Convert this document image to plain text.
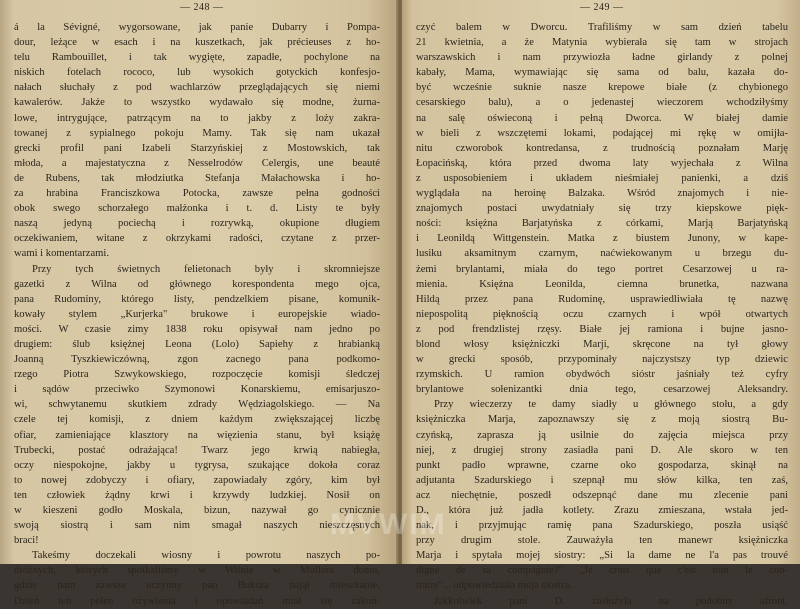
— 248 —
á la Sévigné, wygorsowane, jak panie Dubarry i Pompa-
dour, leżące w esach i na kuszetkach, jak précieuses z ho-
telu Rambouillet, i tak wygięte, zapadłe, pochylone na
niskich fotelach rococo, lub wysokich gotyckich konfesjo-
nałach słuchały z pod wachlarzów przeglądających się niemi
kawalerów. Jakże to wszystko wydawało się modne, żurna-
lowe, intrygujące, patrzącym na to jakby z loży zakra-
towanej z sypialnego pokoju Mamy. Tak się nam ukazał
grecki profil pani Izabeli Starzyńskiej z Mostowskich, tak
młoda, a majestatyczna z Nesselrodów Celergis, une beauté
de Rubens, tak młodziutka Stefanja Małachowska i ho-
za hrabina Franciszkowa Potocka, zawsze pełna godności
obok swego schorzałego małżonka i t. d. Listy te były
naszą jedyną pociechą i rozrywką, okupione długiem
oczekiwaniem, witane z okrzykami radości, czytane z przer-
wami i komentarzami.
Przy tych świetnych felietonach były i skromniejsze
gazetki z Wilna od głównego korespondenta mego ojca,
pana Rudominy, którego listy, pendzelkiem pisane, komunik-
kowały stylem „Kurjerka" brukowe i europejskie wiado-
mości. W czasie zimy 1838 roku opisywał nam jedno po
drugiem: ślub księżnej Leona (Lolo) Sapiehy z hrabianką
Joanną Tyszkiewiczówną, zgon zacnego pana podkomo-
rzego Piotra Szwykowskiego, rozpoczęcie komisji śledczej
i sądów przeciwko Szymonowi Konarskiemu, emisarjuszo-
wi, schwytanemu skutkiem zdrady Wędziagolskiego. — Na
czele tej komisji, z dniem każdym zwiększającej liczbę
ofiar, zamieniające klasztory na więzienia stanu, był książę
Trubecki, postać odrażająca! Twarz jego krwią nabiegła,
oczy niespokojne, jakby u tygrysa, szukające dokoła coraz
to nowej zdobyczy i ofiary, zapowiadały zgóry, kim był
ten człowiek żądny krwi i krzywdy ludzkiej. Nosił on
w kieszeni godło Moskala, bizun, nazywał go cynicznie
swoją siostrą i sam nim smagał naszych nieszczęsnych
braci!
Takeśmy doczekali wiosny i powrotu naszych po-
dróżnych, których spotkaliśmy w Wilnie w Müllera domu,
gdzie nam zawsze uczynny pan Buksza najął mieszkanie.
Dzień ten pełen ożywienia i opowiadań miał się zakoń-
— 249 —
czyć balem w Dworcu. Trafiliśmy w sam dzień tabelu
21 kwietnia, a że Matynia wybierała się tam w strojach
warszawskich i nam przywiozła ładne girlandy z polnej
kabały, Mama, wymawiając się sama od balu, kazała do-
być wcześnie suknie nasze krepowe białe (z chybionego
cesarskiego balu), a o jedenastej wieczorem wchodziłyśmy
na salę oświeconą i pełną Dworca. W białej damie
w bieli z wszczętemi lokami, podającej mi rękę w omijła-
nitu czworobok kontredansa, z trudnością poznałam Marję
Łopacińską, która przed dwoma laty wyjechała z Wilna
z usposobieniem i układem nieśmiałej panienki, a dziś
wyglądała na heroinę Balzaka. Wśród znajomych i nie-
znajomych postaci uwydatniały się trzy kiepskowe pięk-
ności: księżna Barjatyńska z córkami, Marją Barjatyńską
i Leonildą Wittgenstein. Matka z biustem Junony, w kape-
lusiku aksamitnym czarnym, naćwiekowanym u brzegu du-
żemi brylantami, miała do tego portret Cesarzowej u ra-
mienia. Księżna Leonilda, ciemna brunetka, nazwana
Hildą przez pana Rudominę, usprawiedliwiała tę nazwę
niepospolitą pięknością oczu czarnych i wpół otwartych
z pod frendzlistej rzęsy. Białe jej ramiona i bujne jasno-
blond włosy księżniczki Marji, skręcone na tył głowy
w grecki sposób, przypominały najczystszy typ dziewic
rzymskich. U ramion obydwóch sióstr jaśniały też cyfry
brylantowe sołenizantki dnia tego, cesarzowej Aleksandry.
Przy wieczerzy te damy siadły u głównego stołu, a gdy
księżniczka Marja, zapoznawszy się z moją siostrą Bu-
czyńską, zaprasza ją usilnie do zajęcia miejsca przy
niej, z drugiej strony zasiadła pani D. Ale skoro w ten
punkt padło wprawne, czarne oko gospodarza, skinął na
adjutanta Szadurskiego i szepnął mu słów kilka, ten zaś,
acz niechętnie, poszedł odszepnąć dane mu zlecenie pani
D., która już jadła kotlety. Zrazu zmieszana, wstała jed-
nak, i przyjmując ramię pana Szadurskiego, poszła usiąść
przy drugim stole. Zauważyła ten manewr księżniczka
Marja i spytała mojej siostry: „Si la dame ne l'a pas trouvé
digne de sa compagnie?" „Je crois que c'est tout le con-
traire"... odpowiedziała moja siostra.
Jakkolwiek pani D. zasłużyła na podobny afront,
MVWIM
